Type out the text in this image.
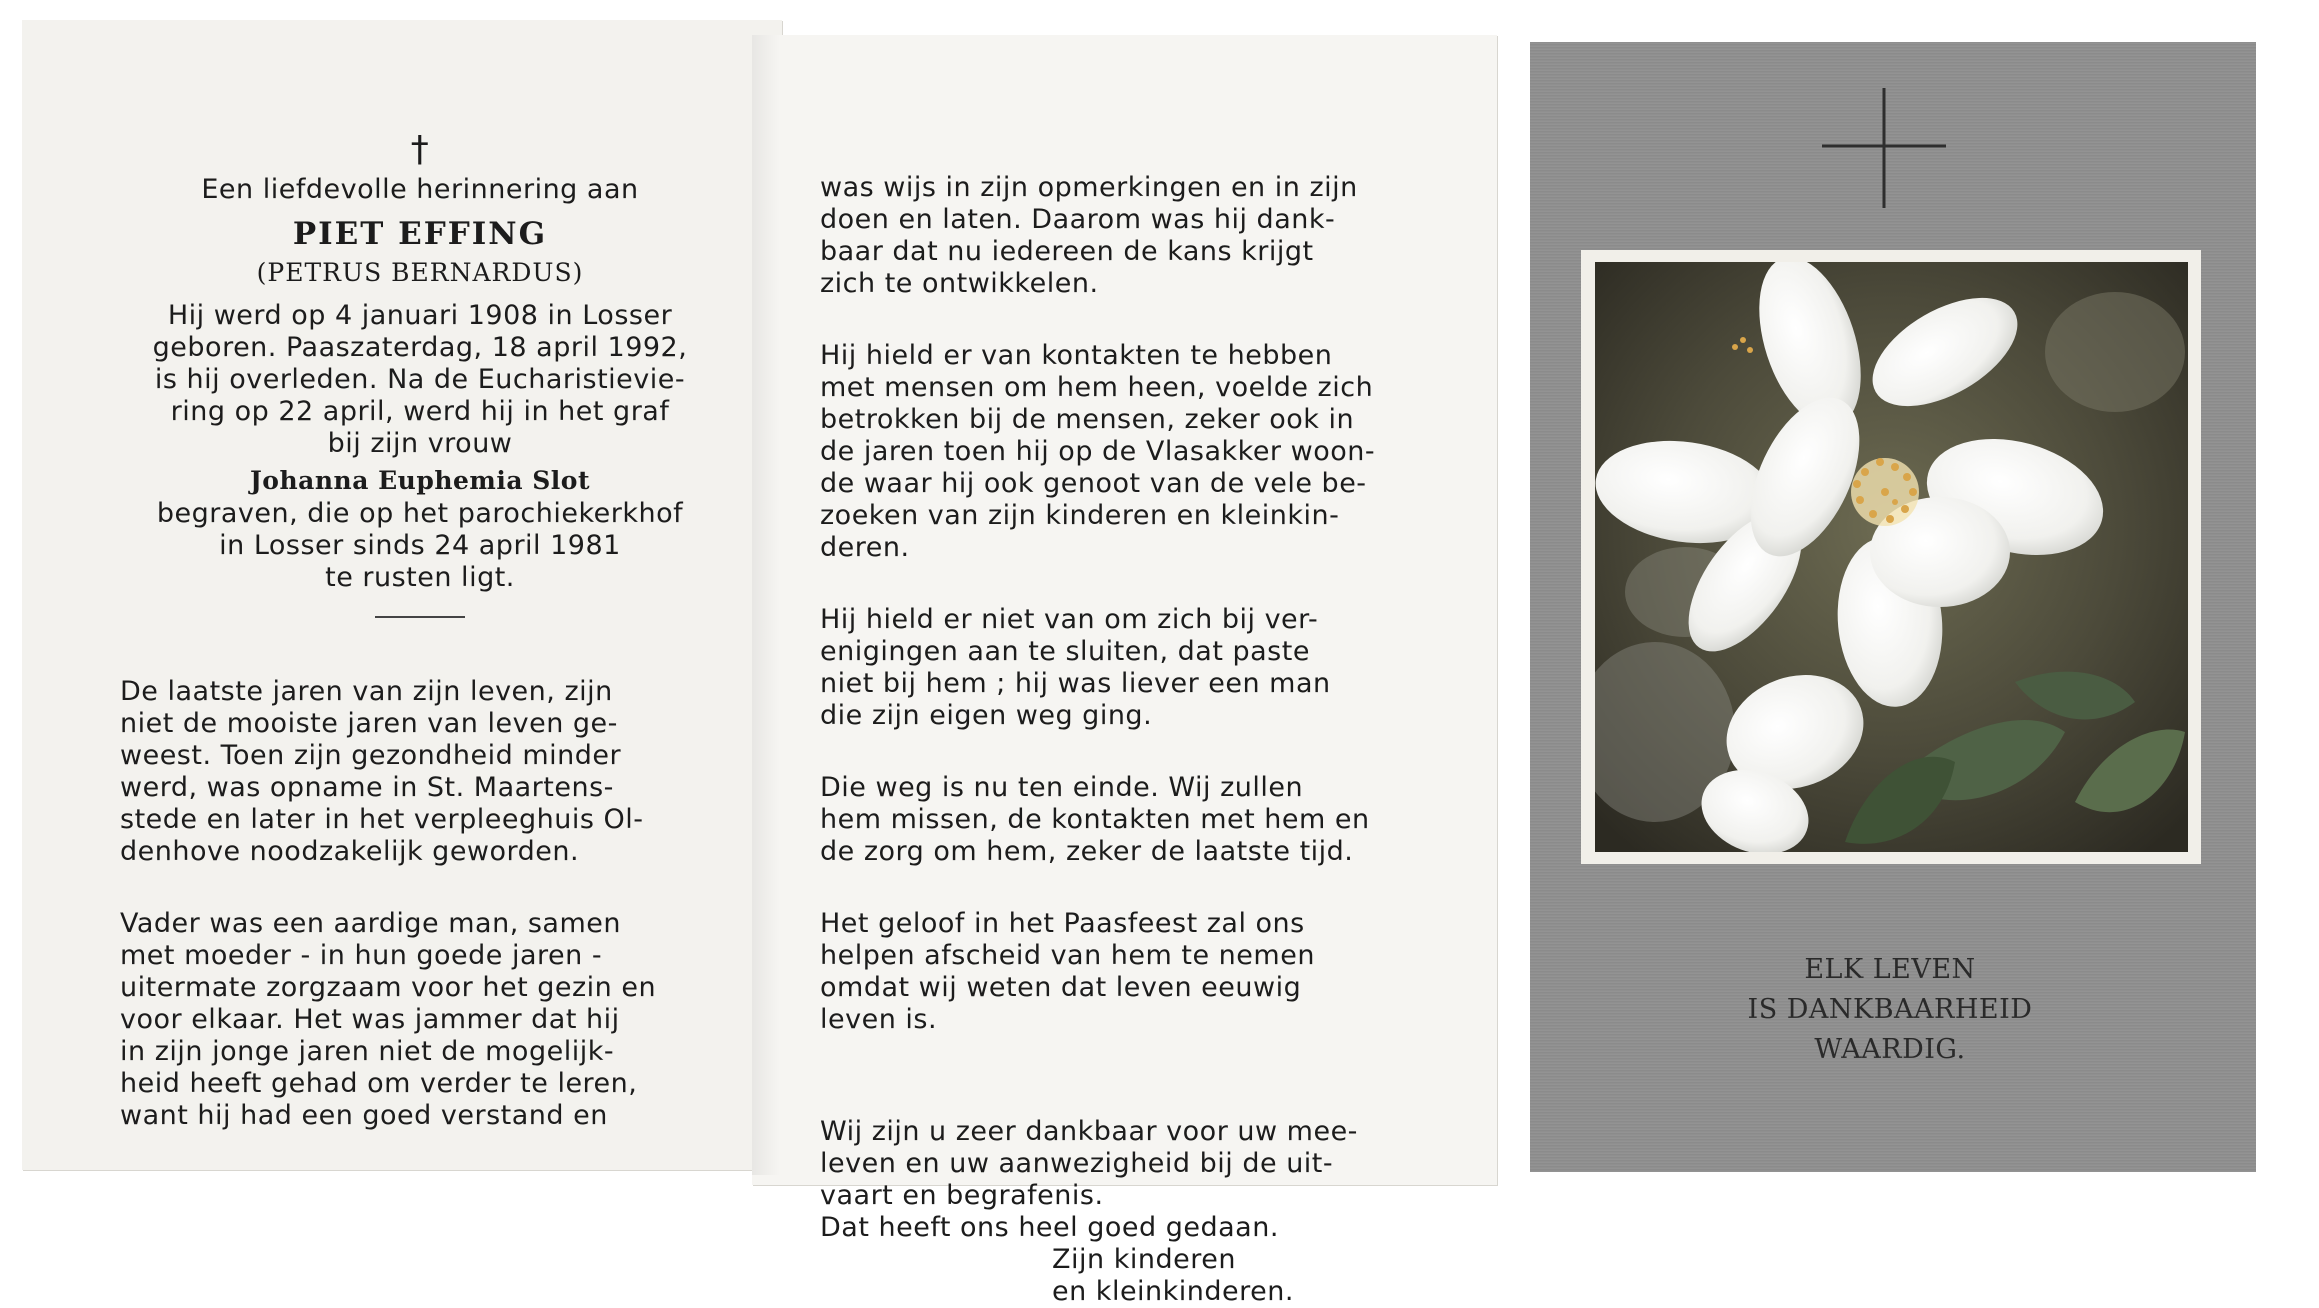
†
Een liefdevolle herinnering aan
PIET EFFING
(PETRUS BERNARDUS)
Hij werd op 4 januari 1908 in Losser
geboren. Paaszaterdag, 18 april 1992,
is hij overleden. Na de Eucharistievie-
ring op 22 april, werd hij in het graf
bij zijn vrouw
Johanna Euphemia Slot
begraven, die op het parochiekerkhof
in Losser sinds 24 april 1981
te rusten ligt.

De laatste jaren van zijn leven, zijn
niet de mooiste jaren van leven ge-
weest. Toen zijn gezondheid minder
werd, was opname in St. Maartens-
stede en later in het verpleeghuis Ol-
denhove noodzakelijk geworden.

Vader was een aardige man, samen
met moeder - in hun goede jaren -
uitermate zorgzaam voor het gezin en
voor elkaar. Het was jammer dat hij
in zijn jonge jaren niet de mogelijk-
heid heeft gehad om verder te leren,
want hij had een goed verstand en

was wijs in zijn opmerkingen en in zijn
doen en laten. Daarom was hij dank-
baar dat nu iedereen de kans krijgt
zich te ontwikkelen.

Hij hield er van kontakten te hebben
met mensen om hem heen, voelde zich
betrokken bij de mensen, zeker ook in
de jaren toen hij op de Vlasakker woon-
de waar hij ook genoot van de vele be-
zoeken van zijn kinderen en kleinkin-
deren.

Hij hield er niet van om zich bij ver-
enigingen aan te sluiten, dat paste
niet bij hem ; hij was liever een man
die zijn eigen weg ging.

Die weg is nu ten einde. Wij zullen
hem missen, de kontakten met hem en
de zorg om hem, zeker de laatste tijd.

Het geloof in het Paasfeest zal ons
helpen afscheid van hem te nemen
omdat wij weten dat leven eeuwig
leven is.

Wij zijn u zeer dankbaar voor uw mee-
leven en uw aanwezigheid bij de uit-
vaart en begrafenis.
Dat heeft ons heel goed gedaan.

Zijn kinderen
en kleinkinderen.
ELK LEVEN
IS DANKBAARHEID
WAARDIG.
